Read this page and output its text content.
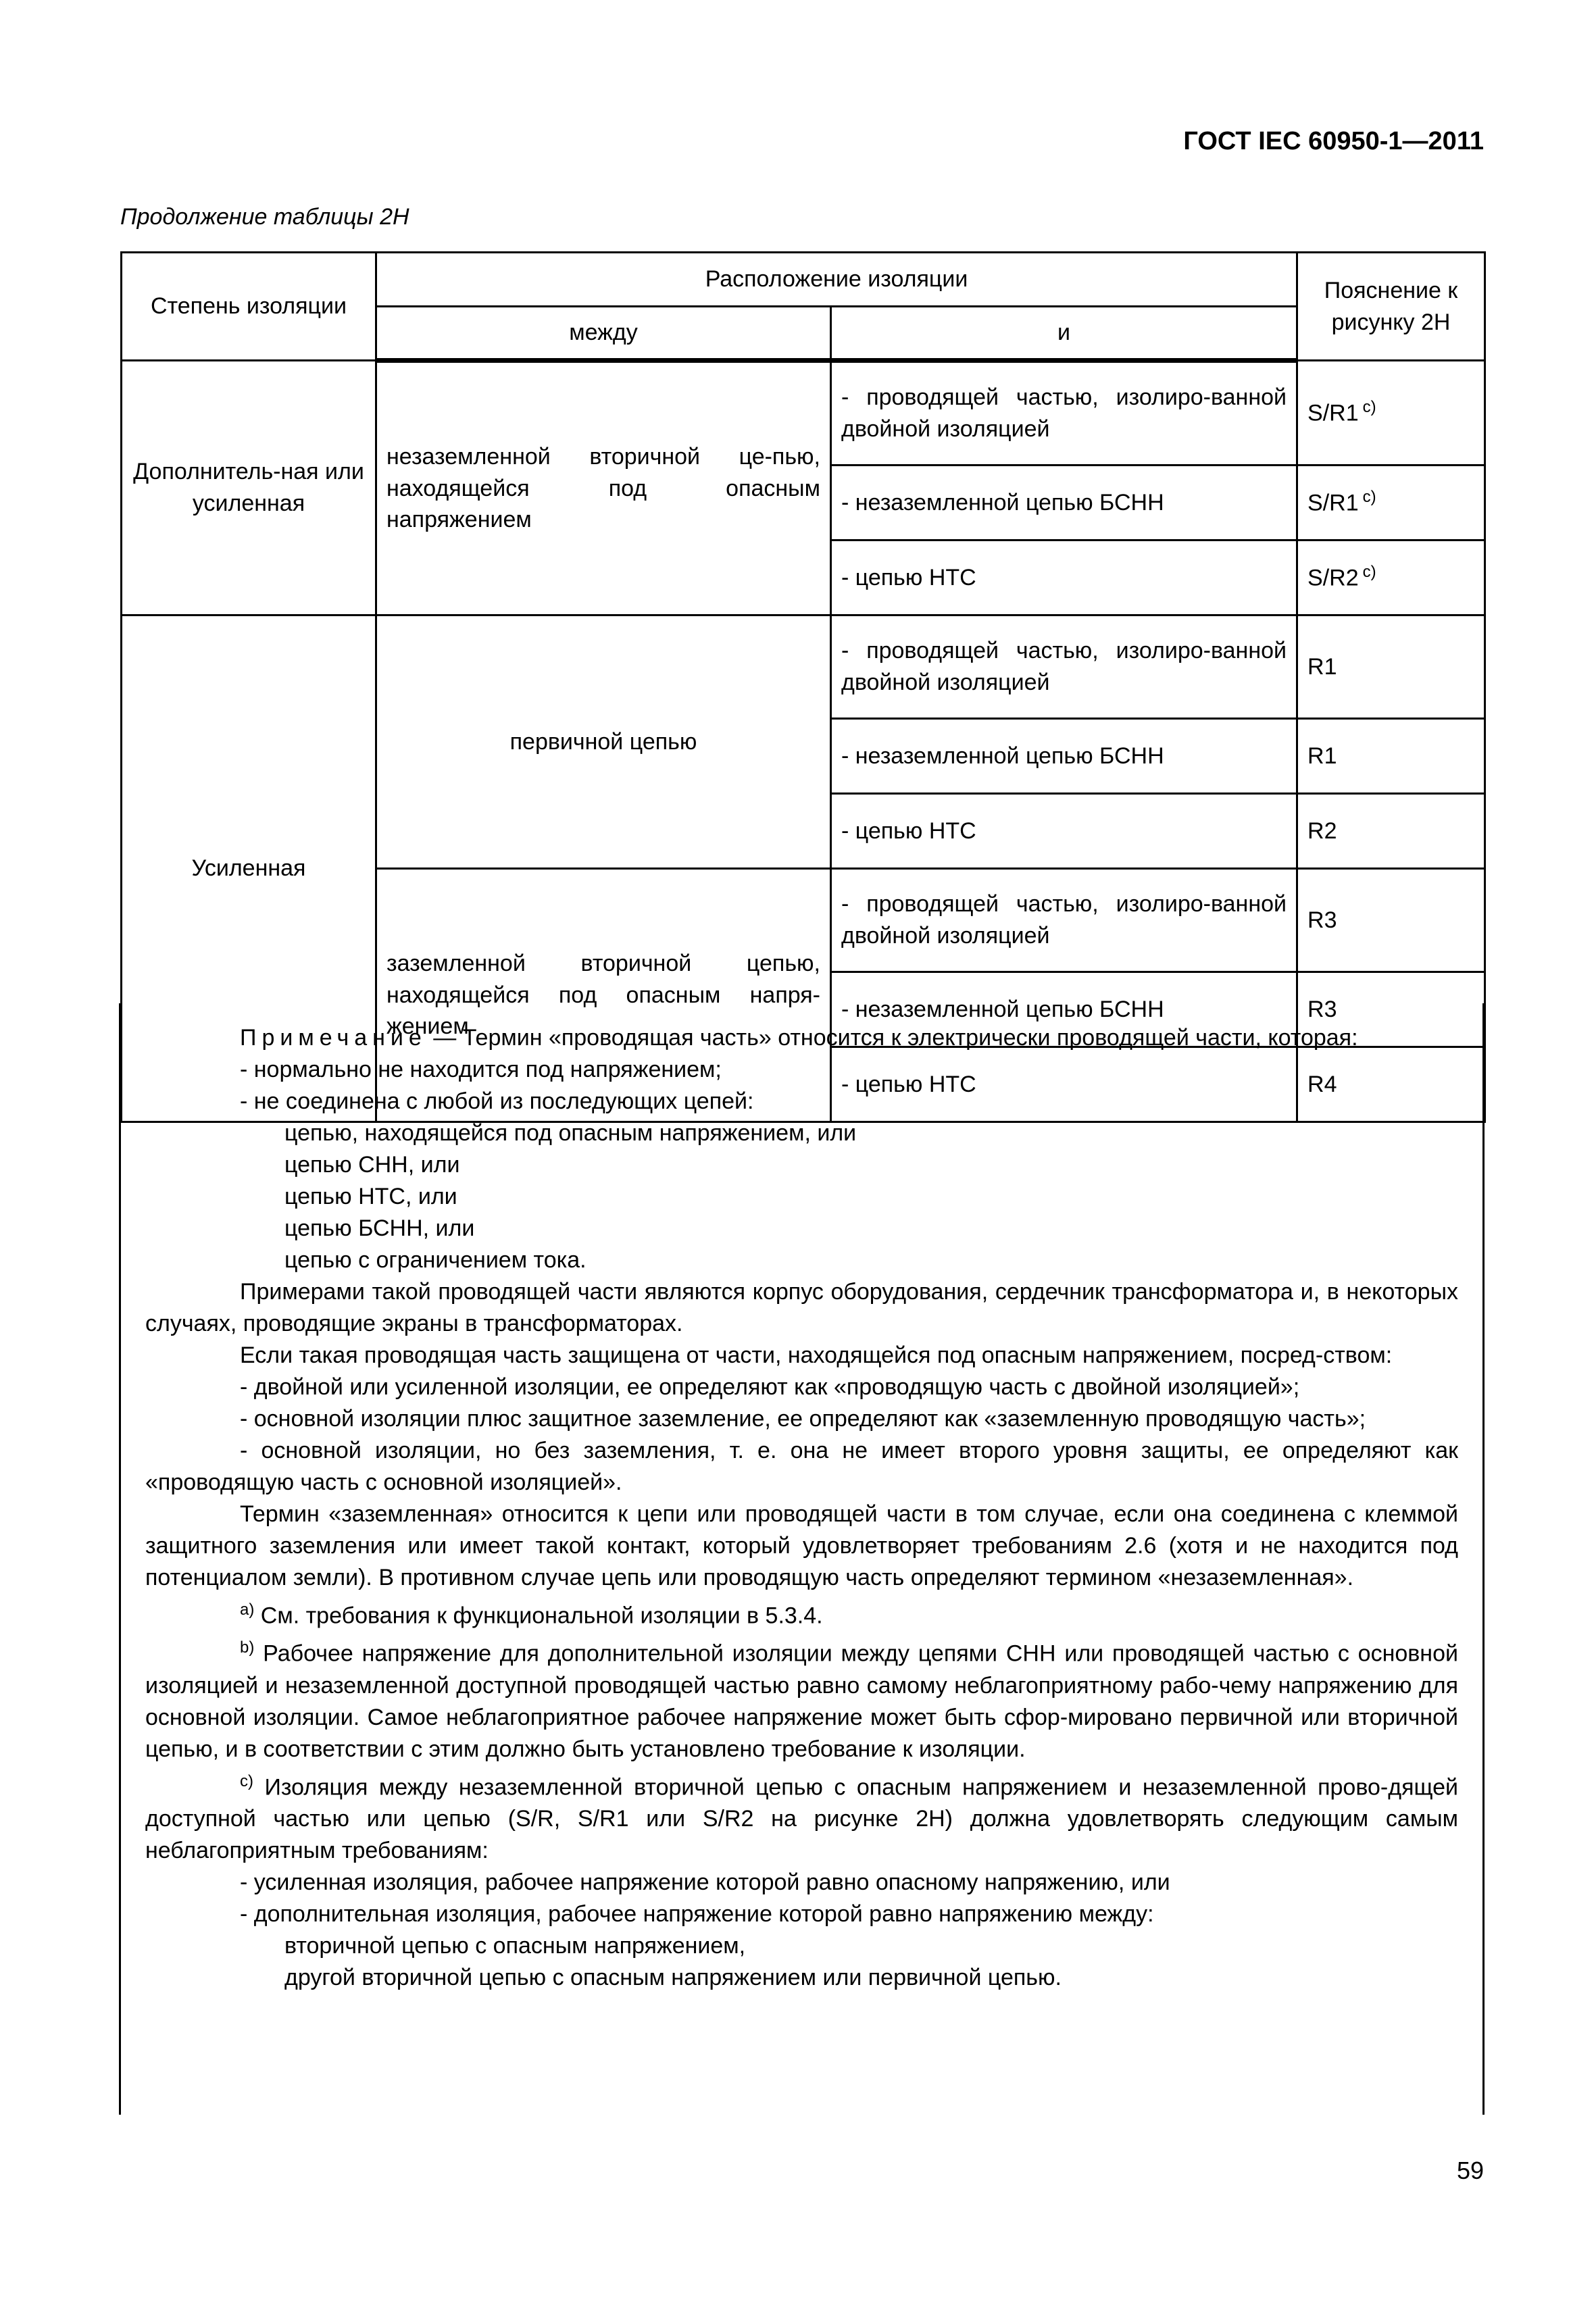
ГОСТ IEC 60950-1—2011
Продолжение таблицы 2Н
Степень изоляции	Расположение изоляции		Пояснение к рисунку 2Н
	между	и	
Дополнитель-ная или усиленная	незаземленной вторичной це-пью, находящейся под опасным напряжением	- проводящей частью, изолиро-ванной двойной изоляцией	S/R1 $^{c)}$
		- незаземленной цепью БСНН	S/R1 $^{c)}$
		- цепью НТС	S/R2 $^{c)}$
Усиленная	первичной цепью	- проводящей частью, изолиро-ванной двойной изоляцией	R1
		- незаземленной цепью БСНН	R1
		- цепью НТС	R2
	заземленной вторичной цепью, находящейся под опасным напря-жением	- проводящей частью, изолиро-ванной двойной изоляцией	R3
		- незаземленной цепью БСНН	R3
		- цепью НТС	R4

Примечание — Термин «проводящая часть» относится к электрически проводящей части, которая:

- нормально не находится под напряжением;

- не соединена с любой из последующих цепей:

цепью, находящейся под опасным напряжением, или

цепью СНН, или

цепью НТС, или

цепью БСНН, или

цепью с ограничением тока.

Примерами такой проводящей части являются корпус оборудования, сердечник трансформатора и, в некоторых случаях, проводящие экраны в трансформаторах.

Если такая проводящая часть защищена от части, находящейся под опасным напряжением, посред-ством:

- двойной или усиленной изоляции, ее определяют как «проводящую часть с двойной изоляцией»;

- основной изоляции плюс защитное заземление, ее определяют как «заземленную проводящую часть»;

- основной изоляции, но без заземления, т. е. она не имеет второго уровня защиты, ее определяют как «проводящую часть с основной изоляцией».

Термин «заземленная» относится к цепи или проводящей части в том случае, если она соединена с клеммой защитного заземления или имеет такой контакт, который удовлетворяет требованиям 2.6 (хотя и не находится под потенциалом земли). В противном случае цепь или проводящую часть определяют термином «незаземленная».

$^{a)}$ См. требования к функциональной изоляции в 5.3.4.

$^{b)}$ Рабочее напряжение для дополнительной изоляции между цепями СНН или проводящей частью с основной изоляцией и незаземленной доступной проводящей частью равно самому неблагоприятному рабо-чему напряжению для основной изоляции. Самое неблагоприятное рабочее напряжение может быть сфор-мировано первичной или вторичной цепью, и в соответствии с этим должно быть установлено требование к изоляции.

$^{c)}$ Изоляция между незаземленной вторичной цепью с опасным напряжением и незаземленной прово-дящей доступной частью или цепью (S/R, S/R1 или S/R2 на рисунке 2Н) должна удовлетворять следующим самым неблагоприятным требованиям:

- усиленная изоляция, рабочее напряжение которой равно опасному напряжению, или

- дополнительная изоляция, рабочее напряжение которой равно напряжению между:

вторичной цепью с опасным напряжением,

другой вторичной цепью с опасным напряжением или первичной цепью.

59
